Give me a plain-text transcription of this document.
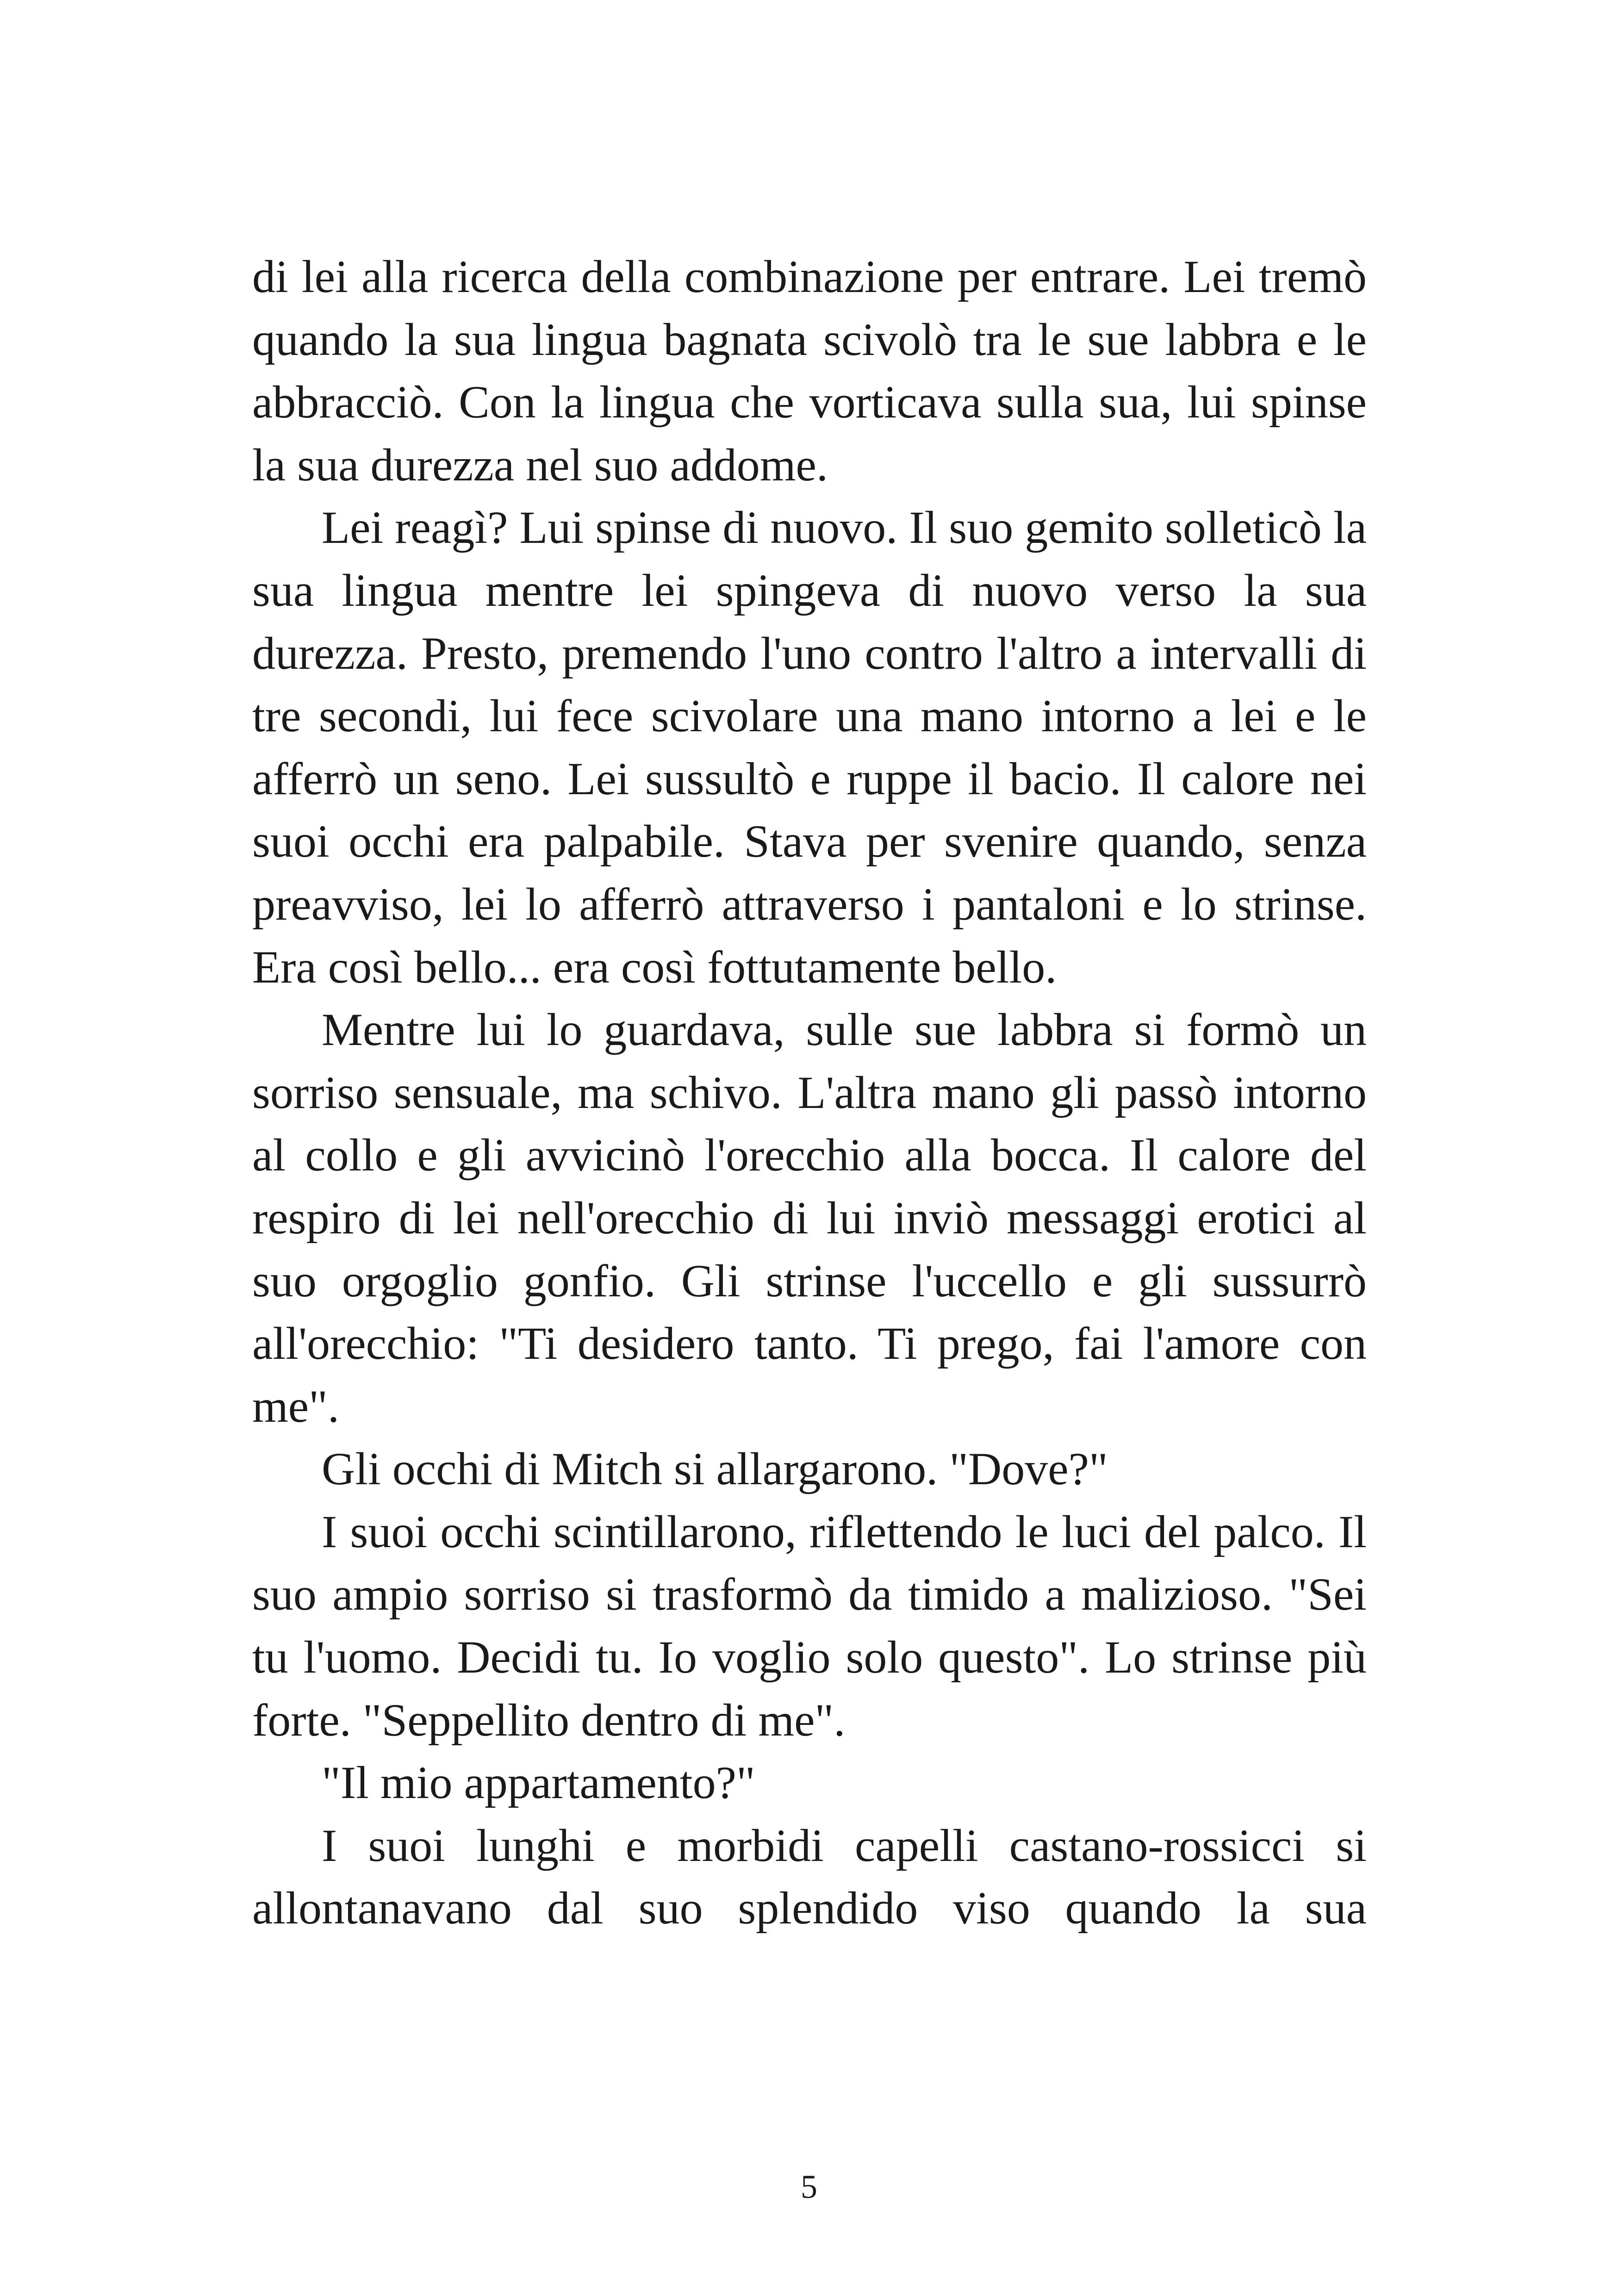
di lei alla ricerca della combinazione per entrare. Lei tremò quando la sua lingua bagnata scivolò tra le sue labbra e le abbracciò. Con la lingua che vorticava sulla sua, lui spinse la sua durezza nel suo addome.

Lei reagì? Lui spinse di nuovo. Il suo gemito solleticò la sua lingua mentre lei spingeva di nuovo verso la sua durezza. Presto, premendo l'uno contro l'altro a intervalli di tre secondi, lui fece scivolare una mano intorno a lei e le afferrò un seno. Lei sussultò e ruppe il bacio. Il calore nei suoi occhi era palpabile. Stava per svenire quando, senza preavviso, lei lo afferrò attraverso i pantaloni e lo strinse. Era così bello... era così fottutamente bello.

Mentre lui lo guardava, sulle sue labbra si formò un sorriso sensuale, ma schivo. L'altra mano gli passò intorno al collo e gli avvicinò l'orecchio alla bocca. Il calore del respiro di lei nell'orecchio di lui inviò messaggi erotici al suo orgoglio gonfio. Gli strinse l'uccello e gli sussurrò all'orecchio: "Ti desidero tanto. Ti prego, fai l'amore con me".

Gli occhi di Mitch si allargarono. "Dove?"

I suoi occhi scintillarono, riflettendo le luci del palco. Il suo ampio sorriso si trasformò da timido a malizioso. "Sei tu l'uomo. Decidi tu. Io voglio solo questo". Lo strinse più forte. "Seppellito dentro di me".

"Il mio appartamento?"

I suoi lunghi e morbidi capelli castano-rossicci si allontanavano dal suo splendido viso quando la sua

5
